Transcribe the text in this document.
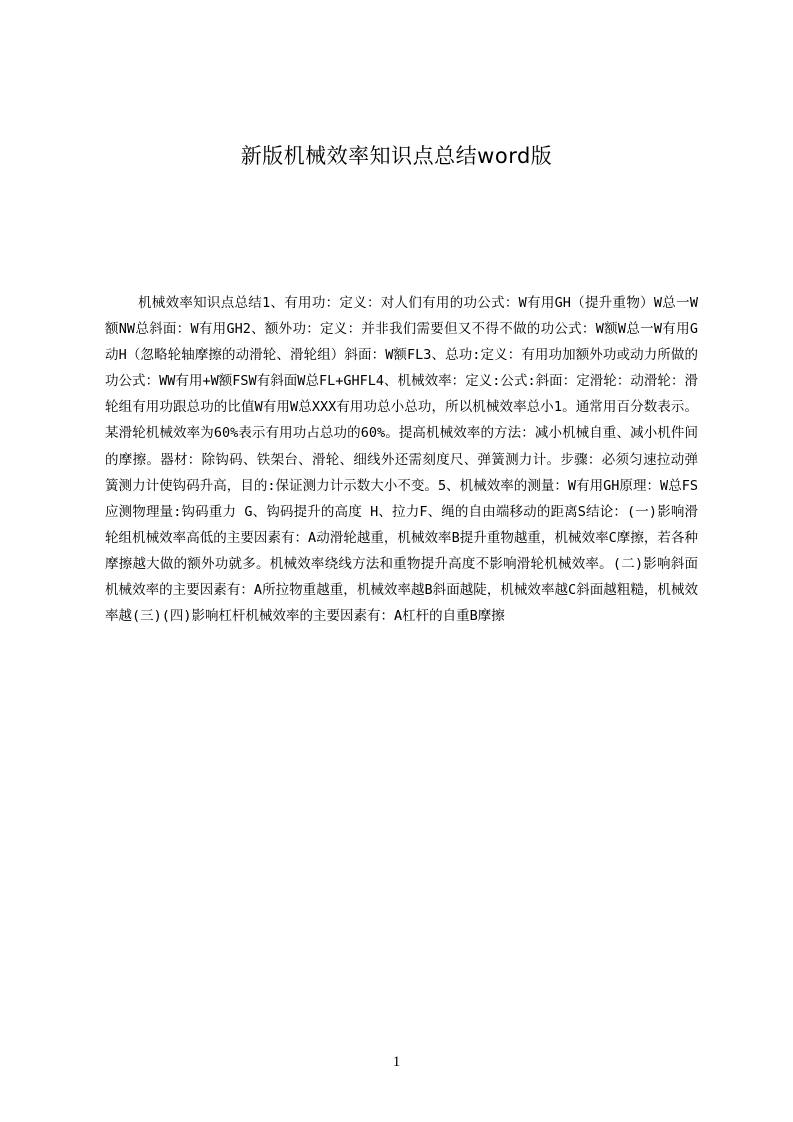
新版机械效率知识点总结word版

机械效率知识点总结1、有用功：定义：对人们有用的功公式：W有用GH（提升重物）W总一W额NW总斜面：W有用GH2、额外功：定义：并非我们需要但又不得不做的功公式：W额W总一W有用G动H（忽略轮轴摩擦的动滑轮、滑轮组）斜面：W额FL3、总功:定义：有用功加额外功或动力所做的功公式：WW有用+W额FSW有斜面W总FL+GHFL4、机械效率：定义:公式:斜面：定滑轮：动滑轮：滑轮组有用功跟总功的比值W有用W总XXX有用功总小总功，所以机械效率总小1。通常用百分数表示。某滑轮机械效率为60%表示有用功占总功的60%。提高机械效率的方法：减小机械自重、减小机件间的摩擦。器材：除钩码、铁架台、滑轮、细线外还需刻度尺、弹簧测力计。步骤：必须匀速拉动弹簧测力计使钩码升高，目的:保证测力计示数大小不变。5、机械效率的测量：W有用GH原理：W总FS应测物理量:钩码重力 G、钩码提升的高度 H、拉力F、绳的自由端移动的距离S结论：(一)影响滑轮组机械效率高低的主要因素有：A动滑轮越重，机械效率B提升重物越重，机械效率C摩擦，若各种摩擦越大做的额外功就多。机械效率绕线方法和重物提升高度不影响滑轮机械效率。(二)影响斜面机械效率的主要因素有：A所拉物重越重，机械效率越B斜面越陡，机械效率越C斜面越粗糙，机械效率越(三)(四)影响杠杆机械效率的主要因素有：A杠杆的自重B摩擦

1
